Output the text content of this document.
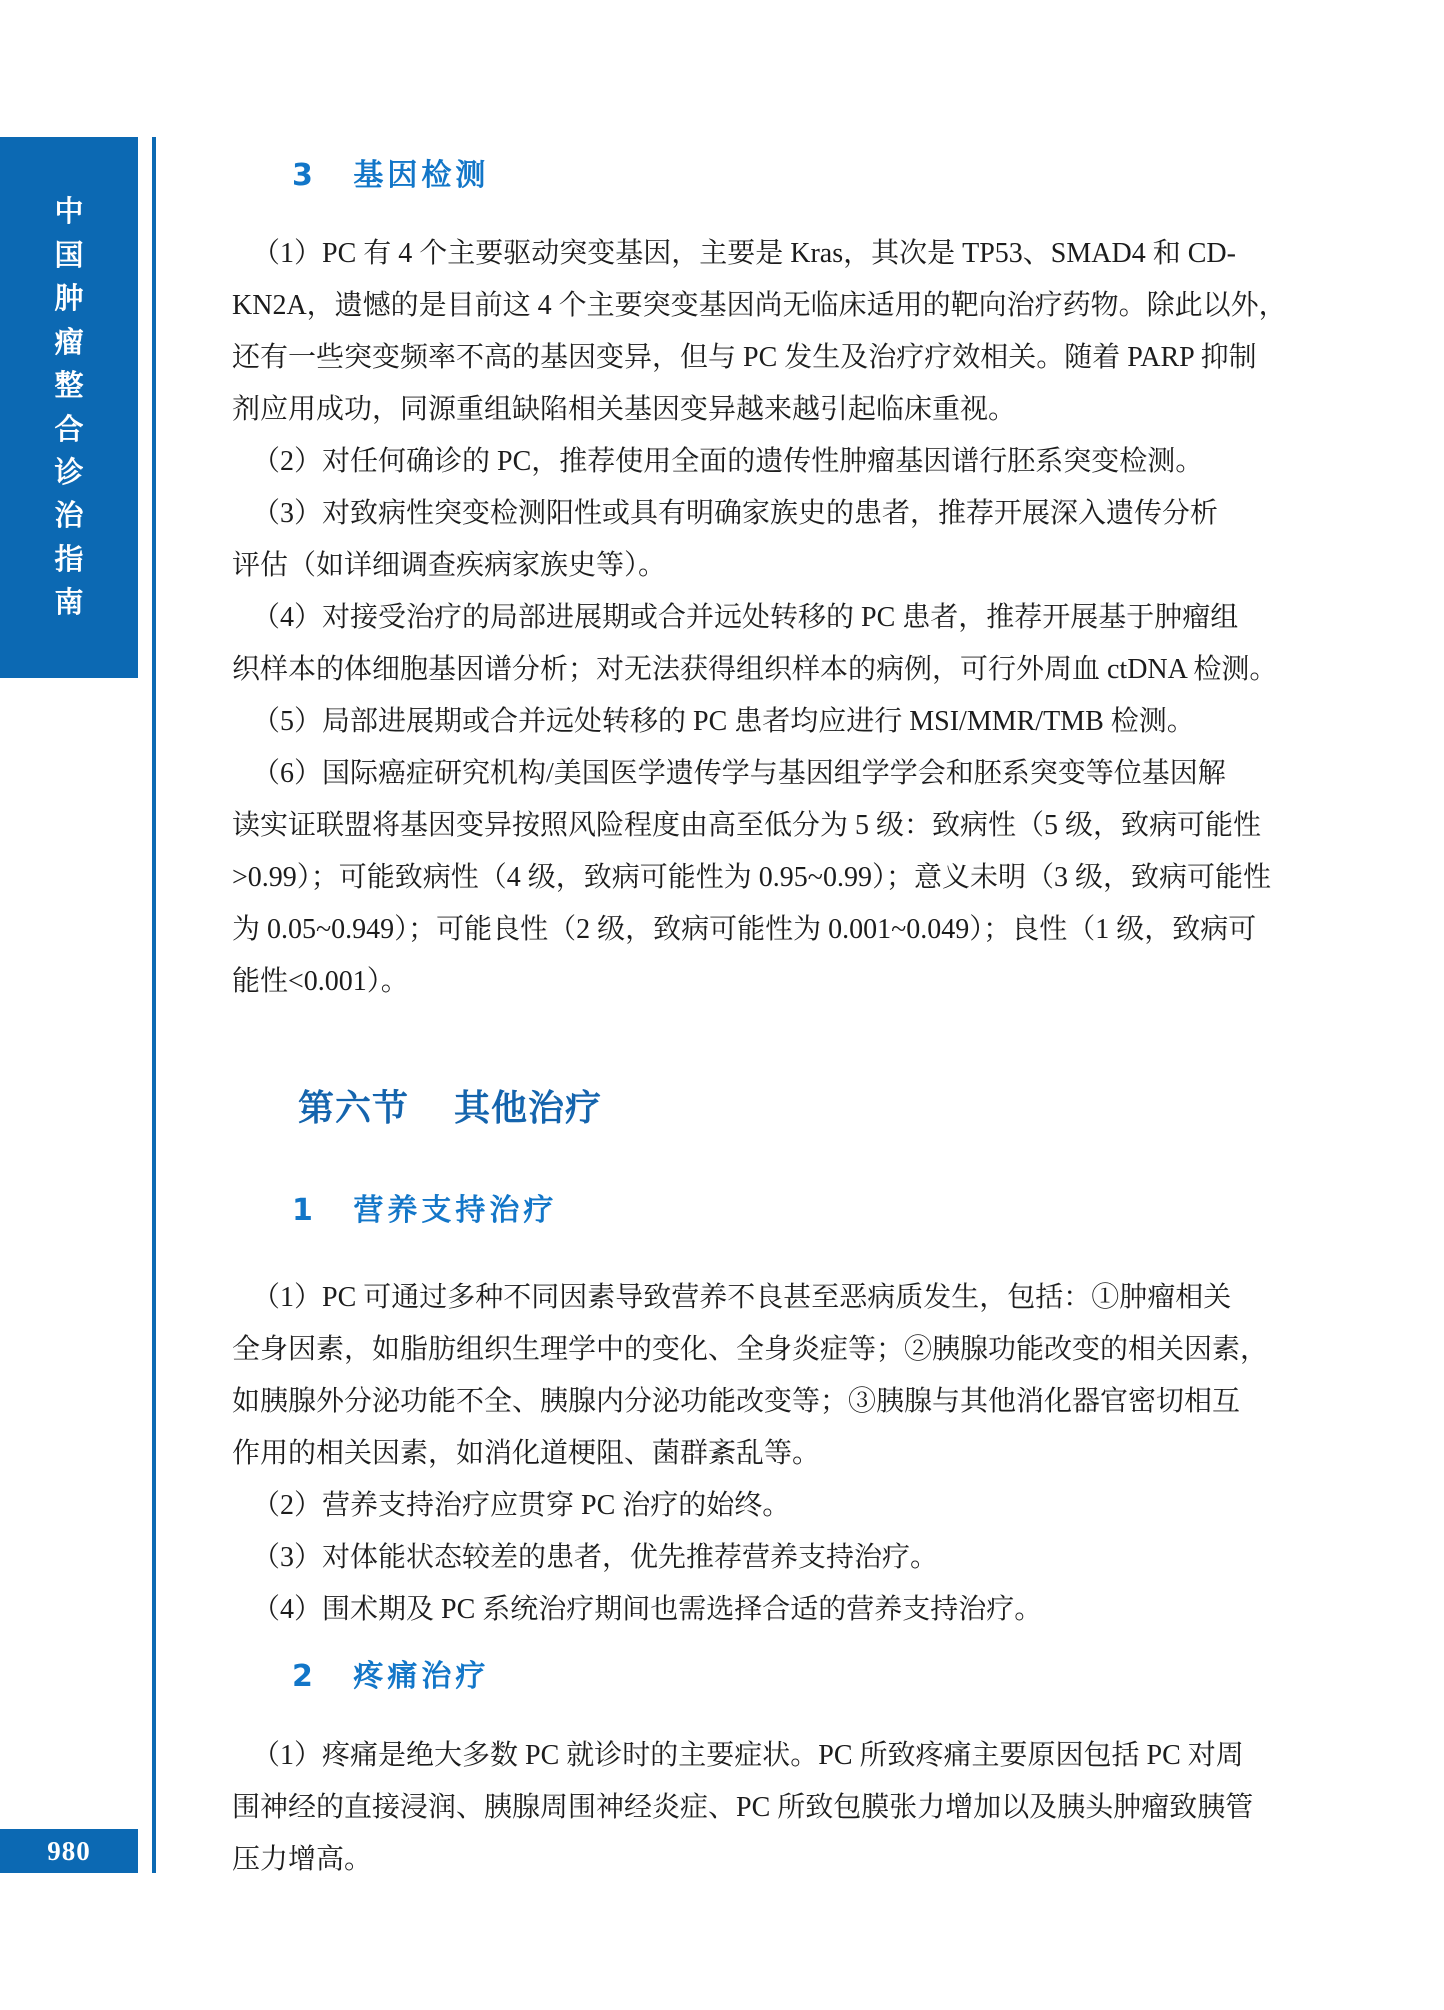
中
国
肿
瘤
整
合
诊
治
指
南
980
3 基因检测
（1）PC 有 4 个主要驱动突变基因，主要是 Kras，其次是 TP53、SMAD4 和 CD-
KN2A，遗憾的是目前这 4 个主要突变基因尚无临床适用的靶向治疗药物。除此以外，
还有一些突变频率不高的基因变异，但与 PC 发生及治疗疗效相关。随着 PARP 抑制
剂应用成功，同源重组缺陷相关基因变异越来越引起临床重视。
（2）对任何确诊的 PC，推荐使用全面的遗传性肿瘤基因谱行胚系突变检测。
（3）对致病性突变检测阳性或具有明确家族史的患者，推荐开展深入遗传分析
评估（如详细调查疾病家族史等）。
（4）对接受治疗的局部进展期或合并远处转移的 PC 患者，推荐开展基于肿瘤组
织样本的体细胞基因谱分析；对无法获得组织样本的病例，可行外周血 ctDNA 检测。
（5）局部进展期或合并远处转移的 PC 患者均应进行 MSI/MMR/TMB 检测。
（6）国际癌症研究机构/美国医学遗传学与基因组学学会和胚系突变等位基因解
读实证联盟将基因变异按照风险程度由高至低分为 5 级：致病性（5 级，致病可能性
>0.99）；可能致病性（4 级，致病可能性为 0.95~0.99）；意义未明（3 级，致病可能性
为 0.05~0.949）；可能良性（2 级，致病可能性为 0.001~0.049）；良性（1 级，致病可
能性<0.001）。
第六节 其他治疗
1 营养支持治疗
（1）PC 可通过多种不同因素导致营养不良甚至恶病质发生，包括：①肿瘤相关
全身因素，如脂肪组织生理学中的变化、全身炎症等；②胰腺功能改变的相关因素，
如胰腺外分泌功能不全、胰腺内分泌功能改变等；③胰腺与其他消化器官密切相互
作用的相关因素，如消化道梗阻、菌群紊乱等。
（2）营养支持治疗应贯穿 PC 治疗的始终。
（3）对体能状态较差的患者，优先推荐营养支持治疗。
（4）围术期及 PC 系统治疗期间也需选择合适的营养支持治疗。
2 疼痛治疗
（1）疼痛是绝大多数 PC 就诊时的主要症状。PC 所致疼痛主要原因包括 PC 对周
围神经的直接浸润、胰腺周围神经炎症、PC 所致包膜张力增加以及胰头肿瘤致胰管
压力增高。
